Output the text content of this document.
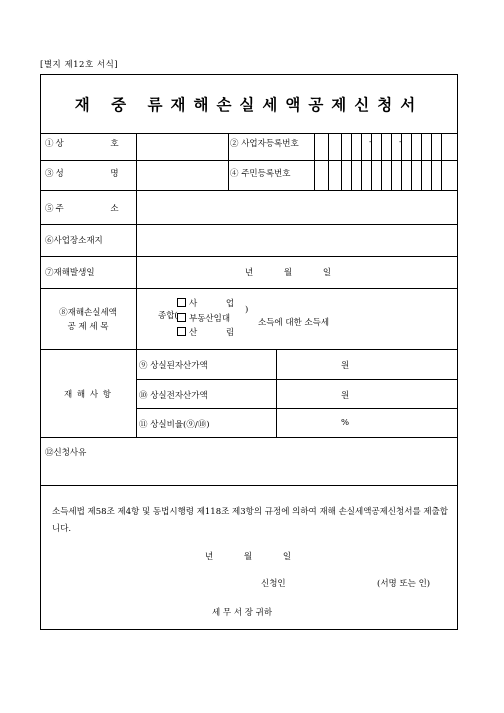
[별지 제12호 서식]
재 중 류재해손실세액공제신청서
①상 호	② 사업자등록번호	-	-
③성 명	④ 주민등록번호
⑤주 소
⑥사업장소재지
⑦재해발생일	년 월 일
⑧재해손실세액
공 제 세 목
종합(
사 업
부동산임대
산 림
)
소득에 대한 소득세
재 해 사 항
⑨ 상실된자산가액	원
⑩ 상실전자산가액	원
⑪ 상실비율(⑨/⑩)	%
⑫신청사유
소득세법 제58조 제4항 및 동법시행령 제118조 제3항의 규정에 의하여 재해 손실세액공제신청서를 제출합니다.
년 월 일
신청인	(서명 또는 인)
세 무 서 장 귀하
